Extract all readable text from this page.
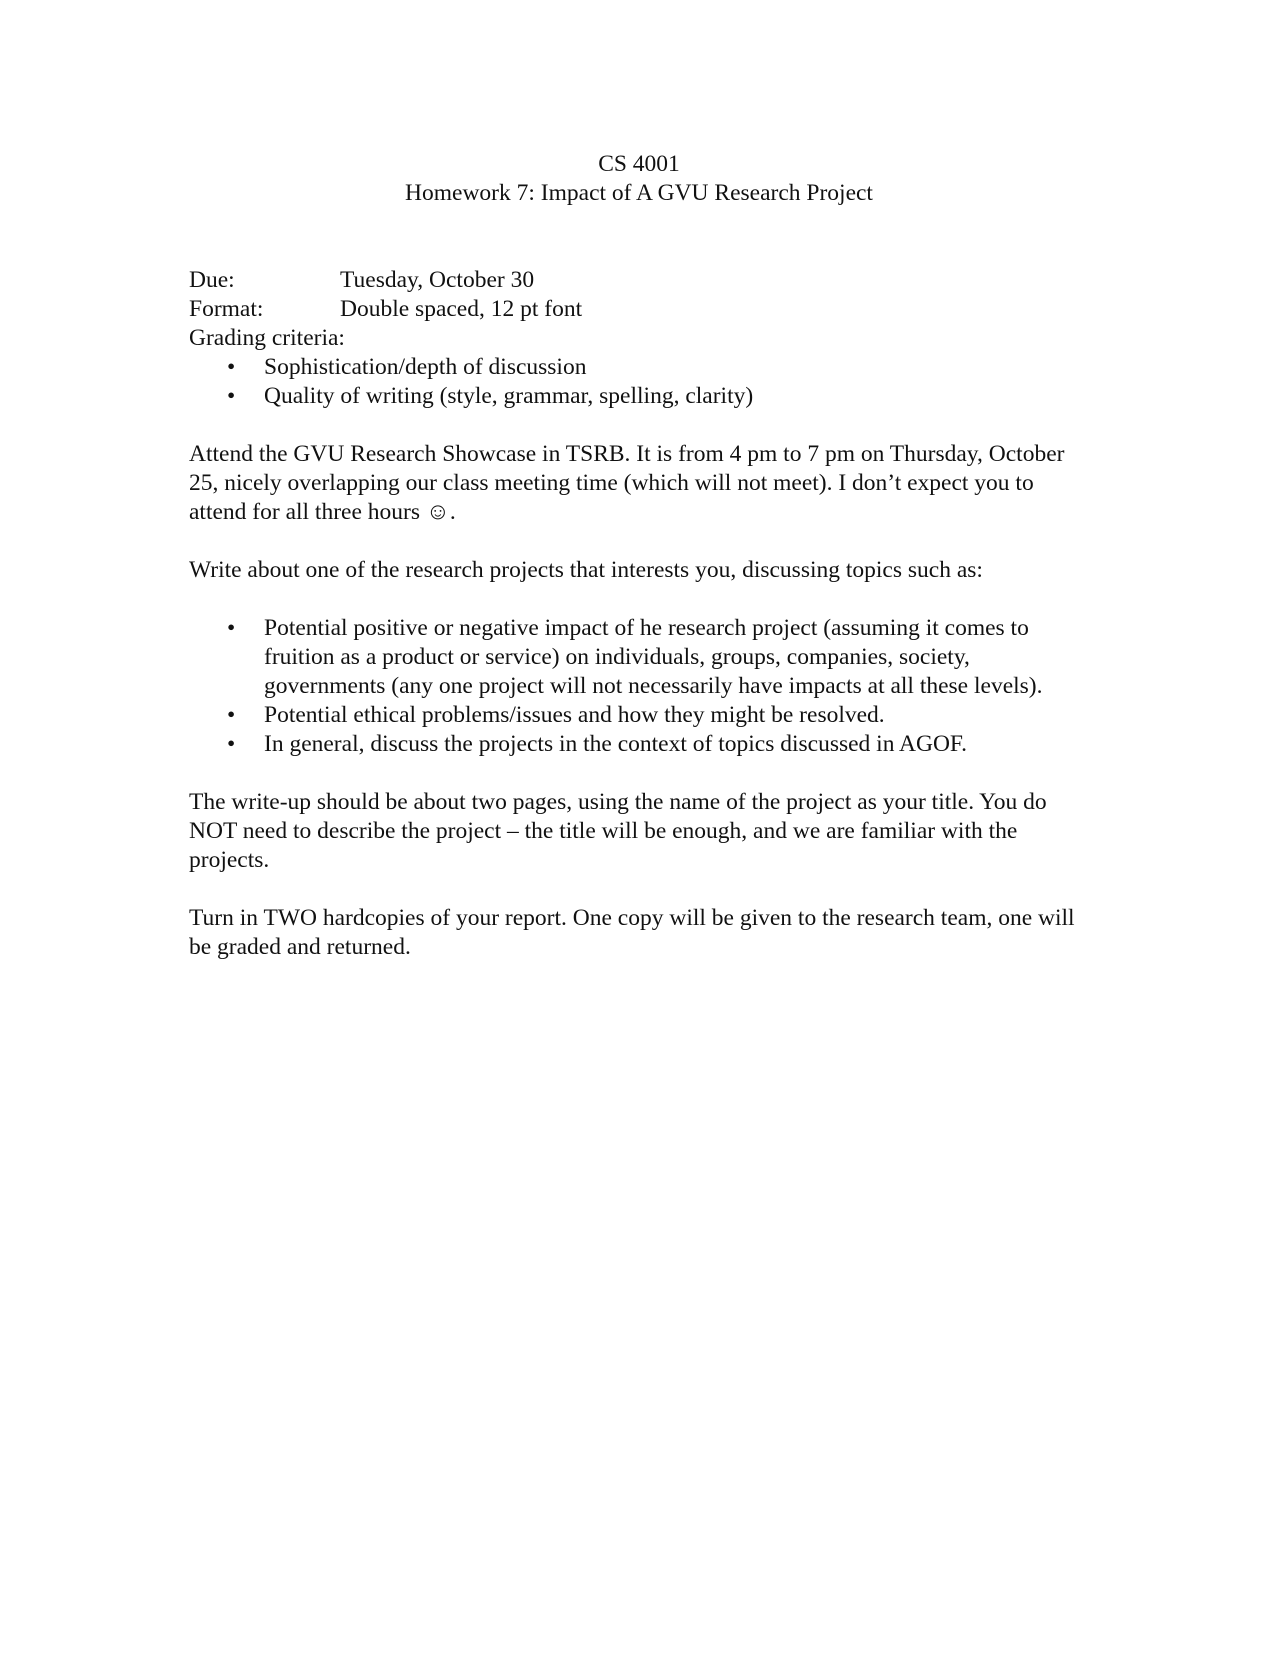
CS 4001
Homework 7: Impact of A GVU Research Project
Due:	Tuesday, October 30
Format:	Double spaced, 12 pt font
Grading criteria:
• Sophistication/depth of discussion
• Quality of writing (style, grammar, spelling, clarity)

Attend the GVU Research Showcase in TSRB. It is from 4 pm to 7 pm on Thursday, October 25, nicely overlapping our class meeting time (which will not meet). I don’t expect you to attend for all three hours ☺.

Write about one of the research projects that interests you, discussing topics such as:

• Potential positive or negative impact of he research project (assuming it comes to fruition as a product or service) on individuals, groups, companies, society, governments (any one project will not necessarily have impacts at all these levels).
• Potential ethical problems/issues and how they might be resolved.
• In general, discuss the projects in the context of topics discussed in AGOF.

The write-up should be about two pages, using the name of the project as your title. You do NOT need to describe the project – the title will be enough, and we are familiar with the projects.

Turn in TWO hardcopies of your report. One copy will be given to the research team, one will be graded and returned.
